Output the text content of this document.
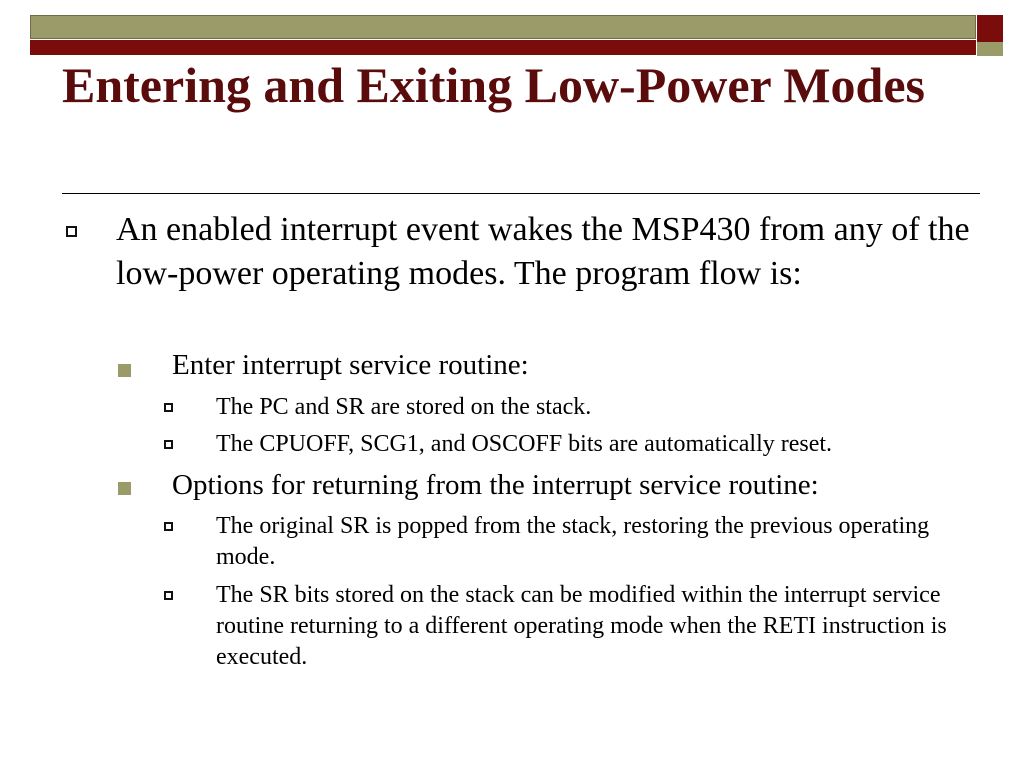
Entering and Exiting Low-Power Modes

An enabled interrupt event wakes the MSP430 from any of the low-power operating modes. The program flow is:

Enter interrupt service routine:

The PC and SR are stored on the stack.

The CPUOFF, SCG1, and OSCOFF bits are automatically reset.

Options for returning from the interrupt service routine:

The original SR is popped from the stack, restoring the previous operating mode.

The SR bits stored on the stack can be modified within the interrupt service routine returning to a different operating mode when the RETI instruction is executed.
